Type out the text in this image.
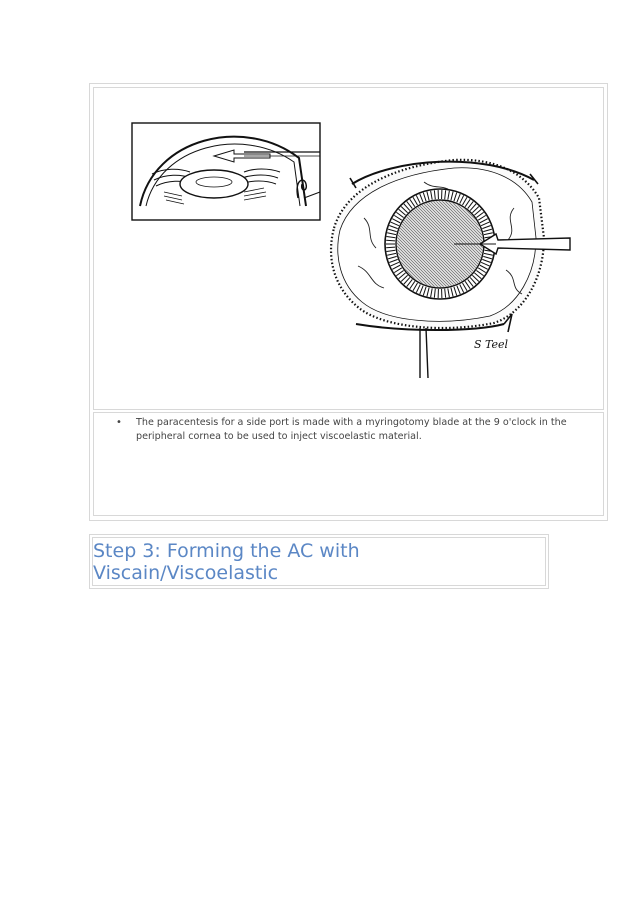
S Teel
• The paracentesis for a side port is made with a myringotomy blade at the 9 o'clock in the peripheral cornea to be used to inject viscoelastic material.
Step 3: Forming the AC with
Viscain/Viscoelastic
